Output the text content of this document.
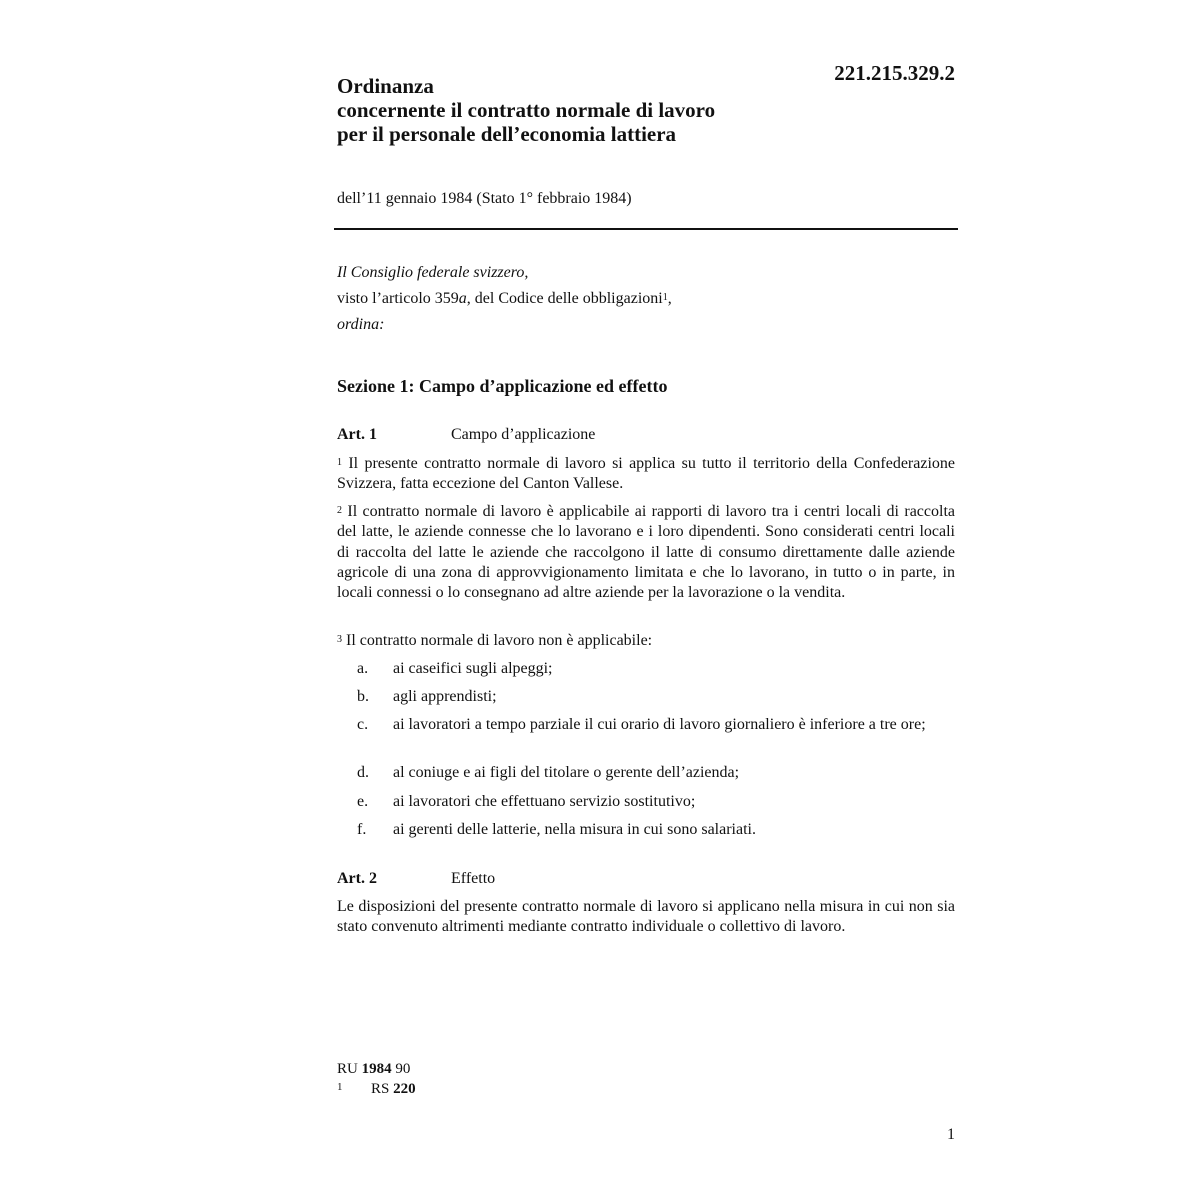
221.215.329.2
Ordinanza
concernente il contratto normale di lavoro
per il personale dell’economia lattiera
dell’11 gennaio 1984 (Stato 1° febbraio 1984)
Il Consiglio federale svizzero,
visto l’articolo 359a, del Codice delle obbligazioni$^1$,
ordina:
Sezione 1: Campo d’applicazione ed effetto
Art. 1	Campo d’applicazione
$^1$ Il presente contratto normale di lavoro si applica su tutto il territorio della Confederazione Svizzera, fatta eccezione del Canton Vallese.
$^2$ Il contratto normale di lavoro è applicabile ai rapporti di lavoro tra i centri locali di raccolta del latte, le aziende connesse che lo lavorano e i loro dipendenti. Sono considerati centri locali di raccolta del latte le aziende che raccolgono il latte di consumo direttamente dalle aziende agricole di una zona di approvvigionamento limitata e che lo lavorano, in tutto o in parte, in locali connessi o lo consegnano ad altre aziende per la lavorazione o la vendita.
$^3$ Il contratto normale di lavoro non è applicabile:
a.	ai caseifici sugli alpeggi;
b.	agli apprendisti;
c.	ai lavoratori a tempo parziale il cui orario di lavoro giornaliero è inferiore a tre ore;
d.	al coniuge e ai figli del titolare o gerente dell’azienda;
e.	ai lavoratori che effettuano servizio sostitutivo;
f.	ai gerenti delle latterie, nella misura in cui sono salariati.
Art. 2	Effetto
Le disposizioni del presente contratto normale di lavoro si applicano nella misura in cui non sia stato convenuto altrimenti mediante contratto individuale o collettivo di lavoro.
RU 1984 90
1 RS 220
1
